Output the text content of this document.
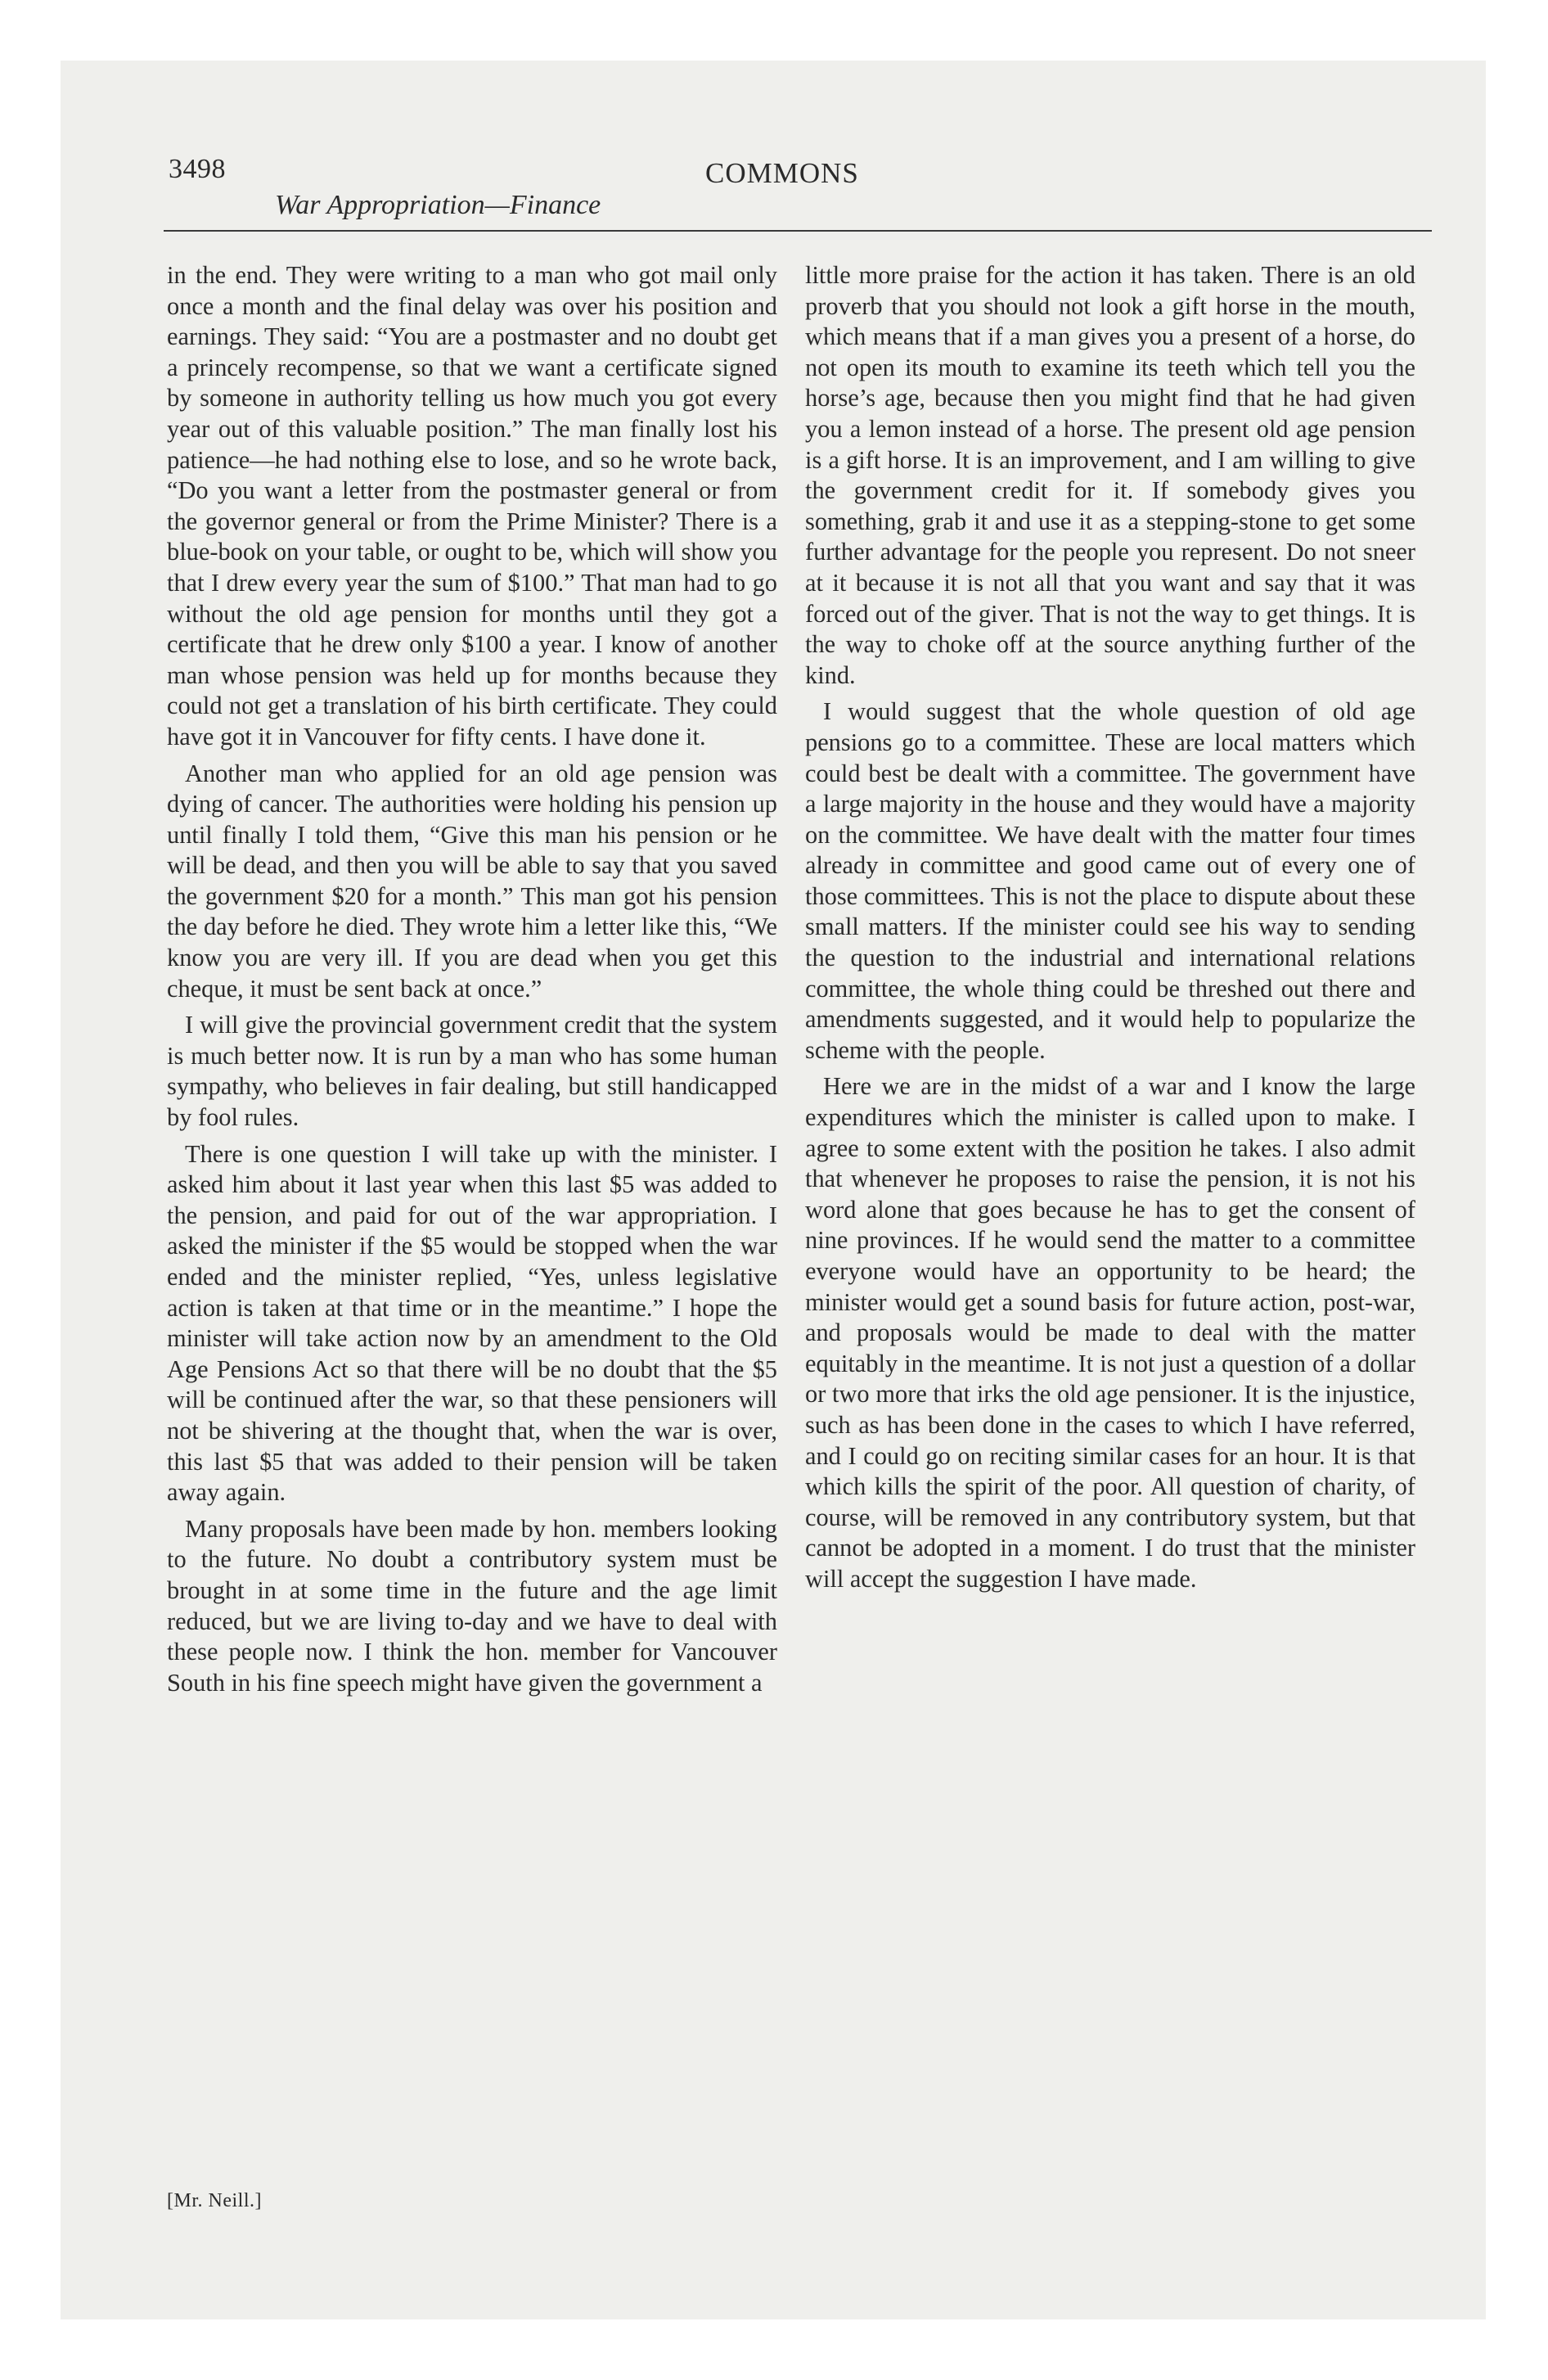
3498	COMMONS
War Appropriation—Finance

in the end. They were writing to a man who got mail only once a month and the final delay was over his position and earnings. They said: “You are a postmaster and no doubt get a princely recompense, so that we want a certificate signed by someone in authority telling us how much you got every year out of this valuable position.” The man finally lost his patience—he had nothing else to lose, and so he wrote back, “Do you want a letter from the postmaster general or from the governor general or from the Prime Minister? There is a blue-book on your table, or ought to be, which will show you that I drew every year the sum of $100.” That man had to go without the old age pension for months until they got a certificate that he drew only $100 a year. I know of another man whose pension was held up for months because they could not get a translation of his birth certificate. They could have got it in Vancouver for fifty cents. I have done it.

Another man who applied for an old age pension was dying of cancer. The authorities were holding his pension up until finally I told them, “Give this man his pension or he will be dead, and then you will be able to say that you saved the government $20 for a month.” This man got his pension the day before he died. They wrote him a letter like this, “We know you are very ill. If you are dead when you get this cheque, it must be sent back at once.”

I will give the provincial government credit that the system is much better now. It is run by a man who has some human sympathy, who believes in fair dealing, but still handicapped by fool rules.

There is one question I will take up with the minister. I asked him about it last year when this last $5 was added to the pension, and paid for out of the war appropriation. I asked the minister if the $5 would be stopped when the war ended and the minister replied, “Yes, unless legislative action is taken at that time or in the meantime.” I hope the minister will take action now by an amendment to the Old Age Pensions Act so that there will be no doubt that the $5 will be continued after the war, so that these pensioners will not be shivering at the thought that, when the war is over, this last $5 that was added to their pension will be taken away again.

Many proposals have been made by hon. members looking to the future. No doubt a contributory system must be brought in at some time in the future and the age limit reduced, but we are living to-day and we have to deal with these people now. I think the hon. member for Vancouver South in his fine speech might have given the government a

little more praise for the action it has taken. There is an old proverb that you should not look a gift horse in the mouth, which means that if a man gives you a present of a horse, do not open its mouth to examine its teeth which tell you the horse’s age, because then you might find that he had given you a lemon instead of a horse. The present old age pension is a gift horse. It is an improvement, and I am willing to give the government credit for it. If somebody gives you something, grab it and use it as a stepping-stone to get some further advantage for the people you represent. Do not sneer at it because it is not all that you want and say that it was forced out of the giver. That is not the way to get things. It is the way to choke off at the source anything further of the kind.

I would suggest that the whole question of old age pensions go to a committee. These are local matters which could best be dealt with a committee. The government have a large majority in the house and they would have a majority on the committee. We have dealt with the matter four times already in committee and good came out of every one of those committees. This is not the place to dispute about these small matters. If the minister could see his way to sending the question to the industrial and international relations committee, the whole thing could be threshed out there and amendments suggested, and it would help to popularize the scheme with the people.

Here we are in the midst of a war and I know the large expenditures which the minister is called upon to make. I agree to some extent with the position he takes. I also admit that whenever he proposes to raise the pension, it is not his word alone that goes because he has to get the consent of nine provinces. If he would send the matter to a committee everyone would have an opportunity to be heard; the minister would get a sound basis for future action, post-war, and proposals would be made to deal with the matter equitably in the meantime. It is not just a question of a dollar or two more that irks the old age pensioner. It is the injustice, such as has been done in the cases to which I have referred, and I could go on reciting similar cases for an hour. It is that which kills the spirit of the poor. All question of charity, of course, will be removed in any contributory system, but that cannot be adopted in a moment. I do trust that the minister will accept the suggestion I have made.

[Mr. Neill.]
